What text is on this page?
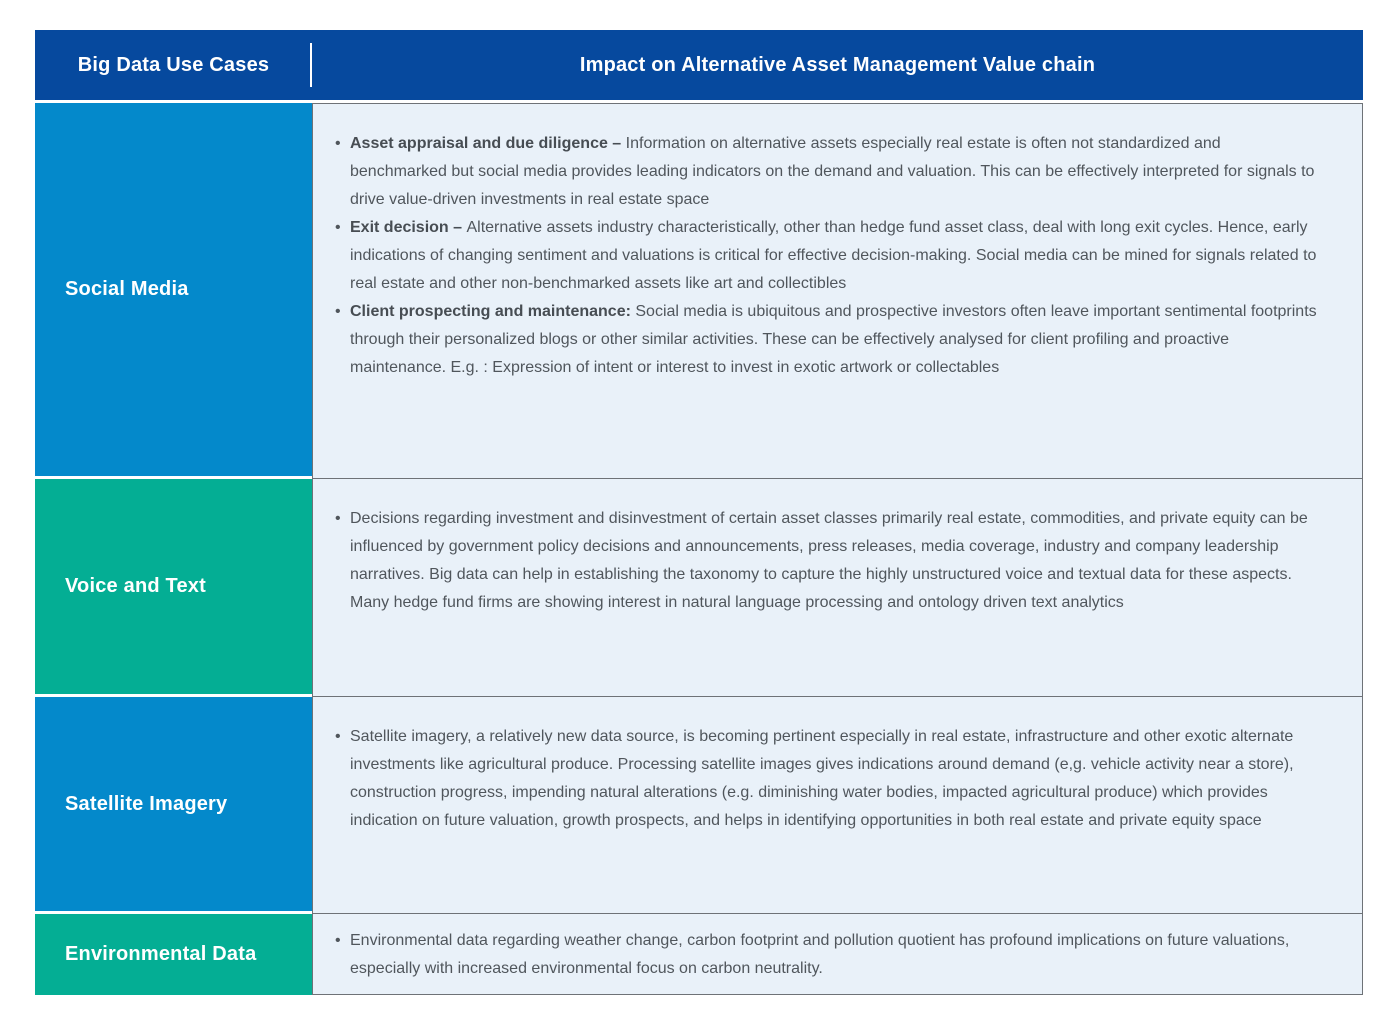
Big Data Use Cases	Impact on Alternative Asset Management Value chain
Social Media
• Asset appraisal and due diligence – Information on alternative assets especially real estate is often not standardized and benchmarked but social media provides leading indicators on the demand and valuation. This can be effectively interpreted for signals to drive value-driven investments in real estate space
• Exit decision – Alternative assets industry characteristically, other than hedge fund asset class, deal with long exit cycles. Hence, early indications of changing sentiment and valuations is critical for effective decision-making. Social media can be mined for signals related to real estate and other non-benchmarked assets like art and collectibles
• Client prospecting and maintenance: Social media is ubiquitous and prospective investors often leave important sentimental footprints through their personalized blogs or other similar activities. These can be effectively analysed for client profiling and proactive maintenance. E.g. : Expression of intent or interest to invest in exotic artwork or collectables
Voice and Text
• Decisions regarding investment and disinvestment of certain asset classes primarily real estate, commodities, and private equity can be influenced by government policy decisions and announcements, press releases, media coverage, industry and company leadership narratives. Big data can help in establishing the taxonomy to capture the highly unstructured voice and textual data for these aspects. Many hedge fund firms are showing interest in natural language processing and ontology driven text analytics
Satellite Imagery
• Satellite imagery, a relatively new data source, is becoming pertinent especially in real estate, infrastructure and other exotic alternate investments like agricultural produce. Processing satellite images gives indications around demand (e,g. vehicle activity near a store), construction progress, impending natural alterations (e.g. diminishing water bodies, impacted agricultural produce) which provides indication on future valuation, growth prospects, and helps in identifying opportunities in both real estate and private equity space
Environmental Data
• Environmental data regarding weather change, carbon footprint and pollution quotient has profound implications on future valuations, especially with increased environmental focus on carbon neutrality.
